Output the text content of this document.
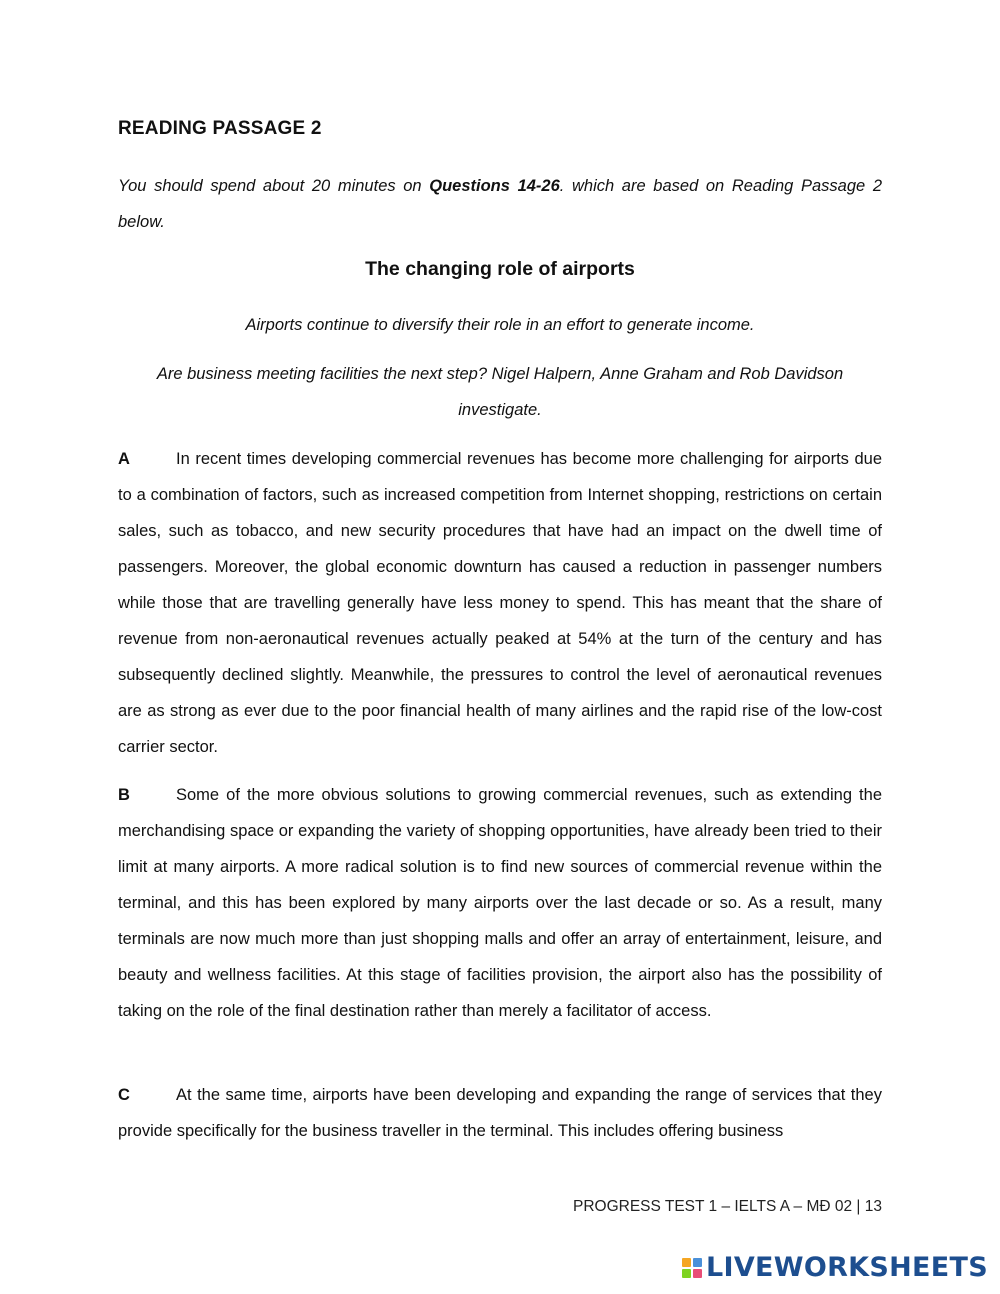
READING PASSAGE 2
You should spend about 20 minutes on Questions 14-26. which are based on Reading Passage 2 below.
The changing role of airports
Airports continue to diversify their role in an effort to generate income.
Are business meeting facilities the next step? Nigel Halpern, Anne Graham and Rob Davidson investigate.
A	In recent times developing commercial revenues has become more challenging for airports due to a combination of factors, such as increased competition from Internet shopping, restrictions on certain sales, such as tobacco, and new security procedures that have had an impact on the dwell time of passengers. Moreover, the global economic downturn has caused a reduction in passenger numbers while those that are travelling generally have less money to spend. This has meant that the share of revenue from non-aeronautical revenues actually peaked at 54% at the turn of the century and has subsequently declined slightly. Meanwhile, the pressures to control the level of aeronautical revenues are as strong as ever due to the poor financial health of many airlines and the rapid rise of the low-cost carrier sector.
B	Some of the more obvious solutions to growing commercial revenues, such as extending the merchandising space or expanding the variety of shopping opportunities, have already been tried to their limit at many airports. A more radical solution is to find new sources of commercial revenue within the terminal, and this has been explored by many airports over the last decade or so. As a result, many terminals are now much more than just shopping malls and offer an array of entertainment, leisure, and beauty and wellness facilities. At this stage of facilities provision, the airport also has the possibility of taking on the role of the final destination rather than merely a facilitator of access.
C	At the same time, airports have been developing and expanding the range of services that they provide specifically for the business traveller in the terminal. This includes offering business
PROGRESS TEST 1 – IELTS A – MĐ 02 | 13
LIVEWORKSHEETS
